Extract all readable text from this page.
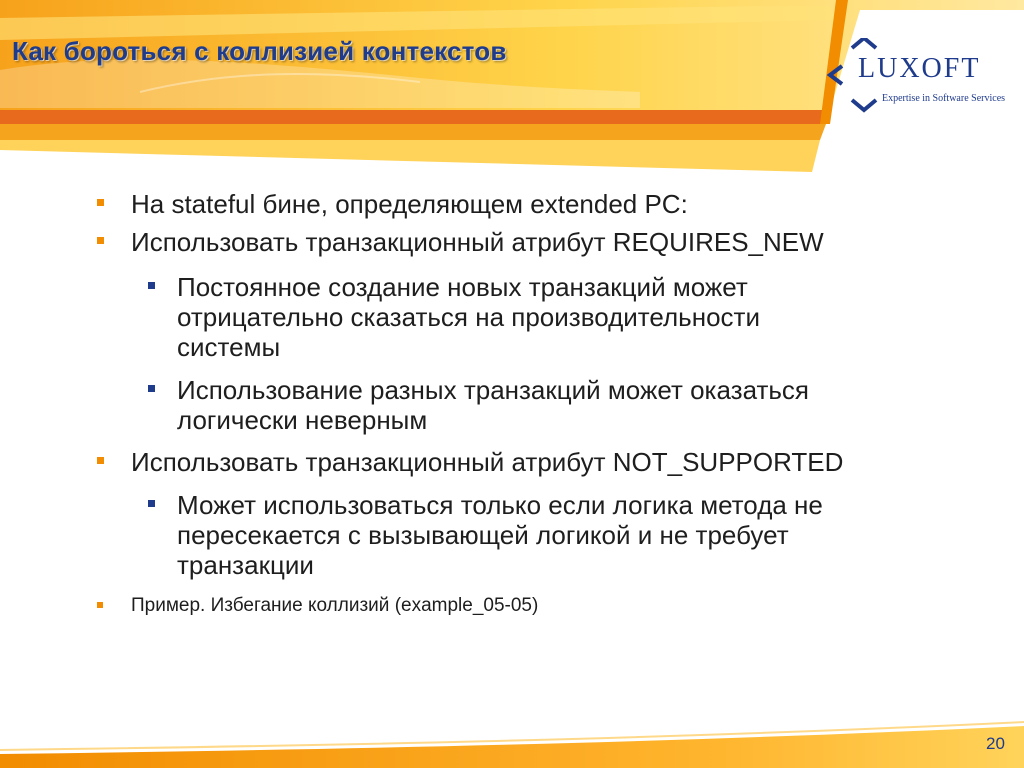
Как бороться с коллизией контекстов
LUXOFT
Expertise in Software Services
На stateful бине, определяющем extended PC:
Использовать транзакционный атрибут REQUIRES_NEW
Постоянное создание новых транзакций может
отрицательно сказаться на производительности
системы
Использование разных транзакций может оказаться
логически неверным
Использовать транзакционный атрибут NOT_SUPPORTED
Может использоваться только если логика метода не
пересекается с вызывающей логикой и не требует
транзакции
Пример. Избегание коллизий (example_05-05)
20
